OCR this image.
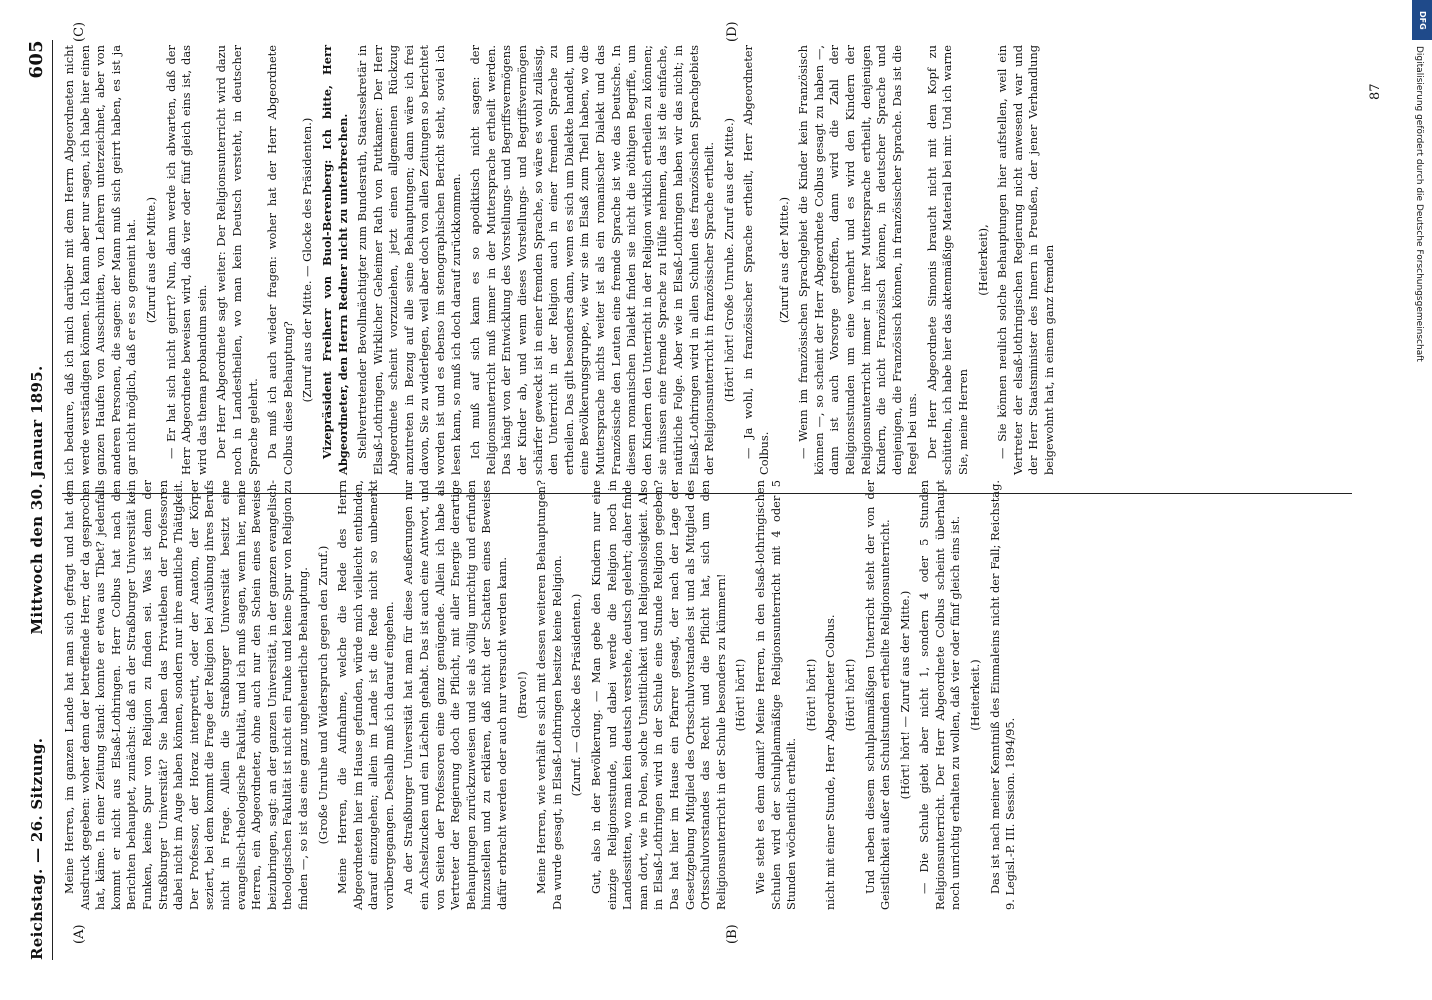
Reichstag. — 26. Sitzung.
Mittwoch den 30. Januar 1895.
605
(A)	(B)
(C)	(D)

Meine Herren, im ganzen Lande hat man sich gefragt und hat dem Ausdruck gegeben: woher denn der betreffende Herr, der da gesprochen hat, käme. In einer Zeitung stand: konnte er etwa aus Tibet? jedenfalls kommt er nicht aus Elsaß-Lothringen. Herr Colbus hat nach den Berichten behauptet, zunächst: daß an der Straßburger Universität kein Funken, keine Spur von Religion zu finden sei. Was ist denn der Straßburger Universität? Sie haben das Privatleben der Professoren dabei nicht im Auge haben können, sondern nur ihre amtliche Thätigkeit. Der Professor, der Horaz interpretirt, oder der Anatom, der Körper seziert, bei dem kommt die Frage der Religion bei Ausübung ihres Berufs nicht in Frage. Allein die Straßburger Universität besitzt eine evangelisch-theologische Fakultät, und ich muß sagen, wenn hier, meine Herren, ein Abgeordneter, ohne auch nur den Schein eines Beweises beizubringen, sagt: an der ganzen Universität, in der ganzen evangelisch-theologischen Fakultät ist nicht ein Funke und keine Spur von Religion zu finden —, so ist das eine ganz ungeheuerliche Behauptung. (Große Unruhe und Widerspruch gegen den Zuruf.) Meine Herren, die Aufnahme, welche die Rede des Herrn Abgeordneten hier im Hause gefunden, würde mich vielleicht entbinden, darauf einzugehen; allein im Lande ist die Rede nicht so unbemerkt vorübergegangen. Deshalb muß ich darauf eingehen. An der Straßburger Universität hat man für diese Aeußerungen nur ein Achselzucken und ein Lächeln gehabt. Das ist auch eine Antwort, und von Seiten der Professoren eine ganz genügende. Allein ich habe als Vertreter der Regierung doch die Pflicht, mit aller Energie derartige Behauptungen zurückzuweisen und sie als völlig unrichtig und erfunden hinzustellen und zu erklären, daß nicht der Schatten eines Beweises dafür erbracht werden oder auch nur versucht werden kann. (Bravo!) Meine Herren, wie verhält es sich mit dessen weiteren Behauptungen? Da wurde gesagt, in Elsaß-Lothringen besitze keine Religion. (Zuruf. — Glocke des Präsidenten.) Gut, also in der Bevölkerung. — Man gebe den Kindern nur eine einzige Religionsstunde, und dabei werde die Religion noch in Landessitten, wo man kein deutsch verstehe, deutsch gelehrt; daher finde man dort, wie in Polen, solche Unsittlichkeit und Religionslosigkeit. Also in Elsaß-Lothringen wird in der Schule eine Stunde Religion gegeben? Das hat hier im Hause ein Pfarrer gesagt, der nach der Lage der Gesetzgebung Mitglied des Ortsschulvorstandes ist und als Mitglied des Ortsschulvorstandes das Recht und die Pflicht hat, sich um den Religionsunterricht in der Schule besonders zu kümmern! (Hört! hört!) Wie steht es denn damit? Meine Herren, in den elsaß-lothringischen Schulen wird der schulplanmäßige Religionsunterricht mit 4 oder 5 Stunden wöchentlich ertheilt.

(Hört! hört!) nicht mit einer Stunde, Herr Abgeordneter Colbus. (Hört! hört!) Und neben diesem schulplanmäßigen Unterricht steht der von der Geistlichkeit außer den Schulstunden ertheilte Religionsunterricht. (Hört! hört! — Zuruf aus der Mitte.) — Die Schule giebt aber nicht 1, sondern 4 oder 5 Stunden Religionsunterricht. Der Herr Abgeordnete Colbus scheint überhaupt noch unrichtig erhalten zu wollen, daß vier oder fünf gleich eins ist. (Heiterkeit.) Das ist nach meiner Kenntniß des Einmaleins nicht der Fall; Reichstag. 9. Legisl.-P. III. Session. 1894/95.

ich bedaure, daß ich mich darüber mit dem Herrn Abgeordneten nicht werde verständigen können. Ich kann aber nur sagen, ich habe hier einen ganzen Haufen von Ausschnitten, von Lehrern unterzeichnet, aber von anderen Personen, die sagen: der Mann muß sich geirrt haben, es ist ja gar nicht möglich, daß er es so gemeint hat. (Zuruf aus der Mitte.) — Er hat sich nicht geirrt? Nun, dann werde ich abwarten, daß der Herr Abgeordnete beweisen wird, daß vier oder fünf gleich eins ist, das wird das thema probandum sein. Der Herr Abgeordnete sagt weiter: Der Religionsunterricht wird dazu noch in Landestheilen, wo man kein Deutsch versteht, in deutscher Sprache gelehrt. Da muß ich auch wieder fragen: woher hat der Herr Abgeordnete Colbus diese Behauptung? (Zuruf aus der Mitte. — Glocke des Präsidenten.) Vizepräsident Freiherr von Buol-Berenberg: Ich bitte, Herr Abgeordneter, den Herrn Redner nicht zu unterbrechen. Stellvertretender Bevollmächtigter zum Bundesrath, Staatssekretär in Elsaß-Lothringen, Wirklicher Geheimer Rath von Puttkamer: Der Herr Abgeordnete scheint vorzuziehen, jetzt einen allgemeinen Rückzug anzutreten in Bezug auf alle seine Behauptungen; dann wäre ich frei davon, Sie zu widerlegen, weil aber doch von allen Zeitungen so berichtet worden ist und es ebenso im stenographischen Bericht steht, soviel ich lesen kann, so muß ich doch darauf zurückkommen. Ich muß auf sich kann es so apodiktisch nicht sagen: der Religionsunterricht muß immer in der Muttersprache ertheilt werden. Das hängt von der Entwicklung des Vorstellungs- und Begriffsvermögens der Kinder ab, und wenn dieses Vorstellungs- und Begriffsvermögen schärfer geweckt ist in einer fremden Sprache, so wäre es wohl zulässig, den Unterricht in der Religion auch in einer fremden Sprache zu ertheilen. Das gilt besonders dann, wenn es sich um Dialekte handelt, um eine Bevölkerungsgruppe, wie wir sie im Elsaß zum Theil haben, wo die Muttersprache nichts weiter ist als ein romanischer Dialekt und das Französische den Leuten eine fremde Sprache ist wie das Deutsche. In diesem romanischen Dialekt finden sie nicht die nöthigen Begriffe, um den Kindern den Unterricht in der Religion wirklich ertheilen zu können; sie müssen eine fremde Sprache zu Hülfe nehmen, das ist die einfache, natürliche Folge. Aber wie in Elsaß-Lothringen haben wir das nicht; in Elsaß-Lothringen wird in allen Schulen des französischen Sprachgebiets der Religionsunterricht in französischer Sprache ertheilt. (Hört! hört! Große Unruhe. Zuruf aus der Mitte.) — Ja wohl, in französischer Sprache ertheilt, Herr Abgeordneter Colbus.

(Zuruf aus der Mitte.) — Wenn im französischen Sprachgebiet die Kinder kein Französisch können —, so scheint der Herr Abgeordnete Colbus gesagt zu haben —, dann ist auch Vorsorge getroffen, dann wird die Zahl der Religionsstunden um eine vermehrt und es wird den Kindern der Religionsunterricht immer in ihrer Muttersprache ertheilt, denjenigen Kindern, die nicht Französisch können, in deutscher Sprache und denjenigen, die Französisch können, in französischer Sprache. Das ist die Regel bei uns. Der Herr Abgeordnete Simonis braucht nicht mit dem Kopf zu schütteln, ich habe hier das aktenmäßige Material bei mir. Und ich warne Sie, meine Herren

(Heiterkeit), — Sie können neulich solche Behauptungen hier aufstellen, weil ein Vertreter der elsaß-lothringischen Regierung nicht anwesend war und der Herr Staatsminister des Innern in Preußen, der jener Verhandlung beigewohnt hat, in einem ganz fremden

87
DFG
Digitalisierung gefördert durch die Deutsche Forschungsgemeinschaft
